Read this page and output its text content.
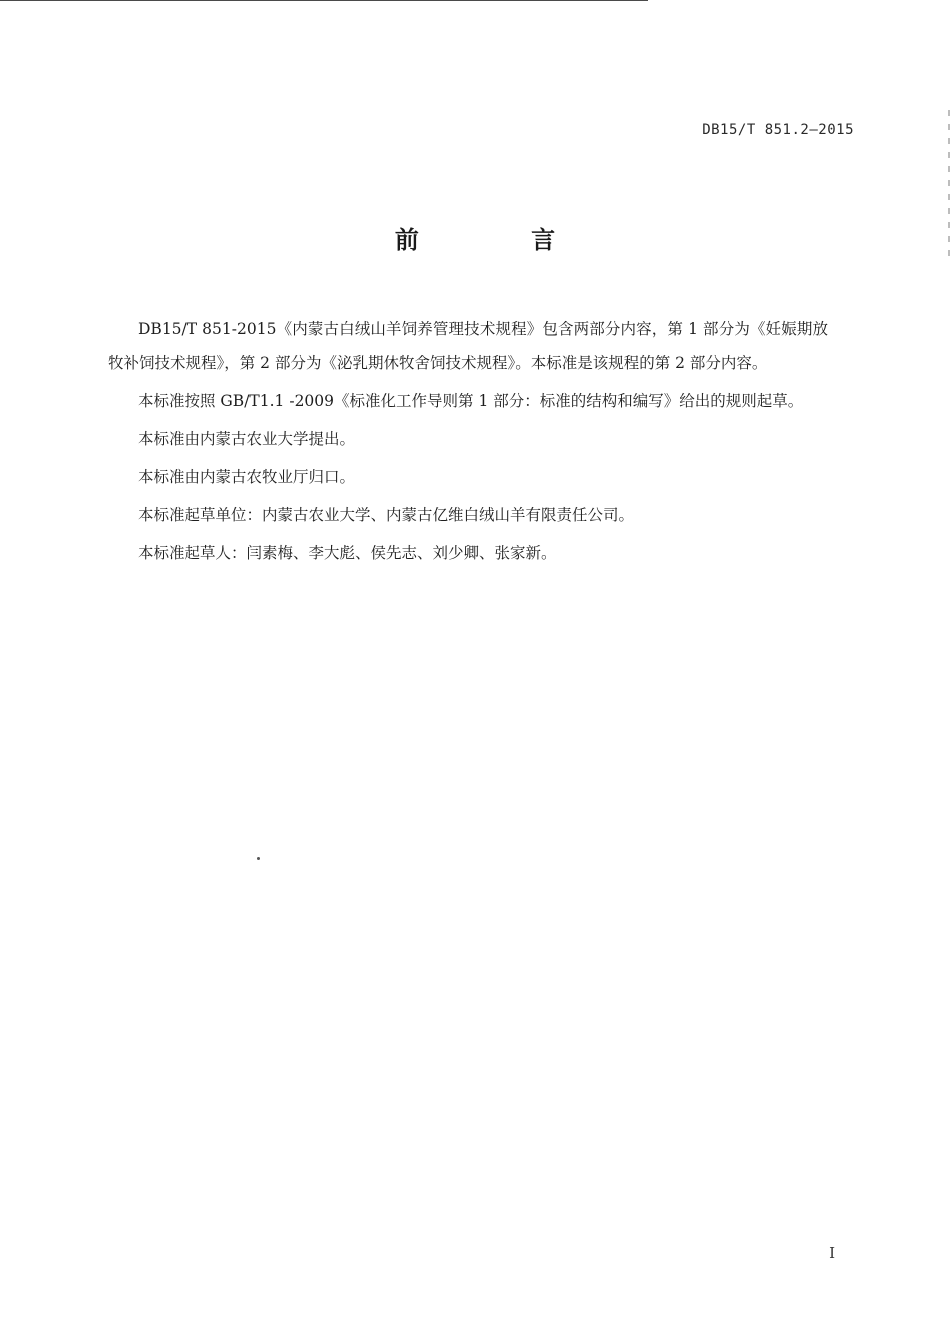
DB15/T 851.2—2015
前 言

DB15/T 851-2015《内蒙古白绒山羊饲养管理技术规程》包含两部分内容，第 1 部分为《妊娠期放牧补饲技术规程》，第 2 部分为《泌乳期休牧舍饲技术规程》。本标准是该规程的第 2 部分内容。

本标准按照 GB/T1.1 -2009《标准化工作导则第 1 部分：标准的结构和编写》给出的规则起草。

本标准由内蒙古农业大学提出。

本标准由内蒙古农牧业厅归口。

本标准起草单位：内蒙古农业大学、内蒙古亿维白绒山羊有限责任公司。

本标准起草人：闫素梅、李大彪、侯先志、刘少卿、张家新。

I
